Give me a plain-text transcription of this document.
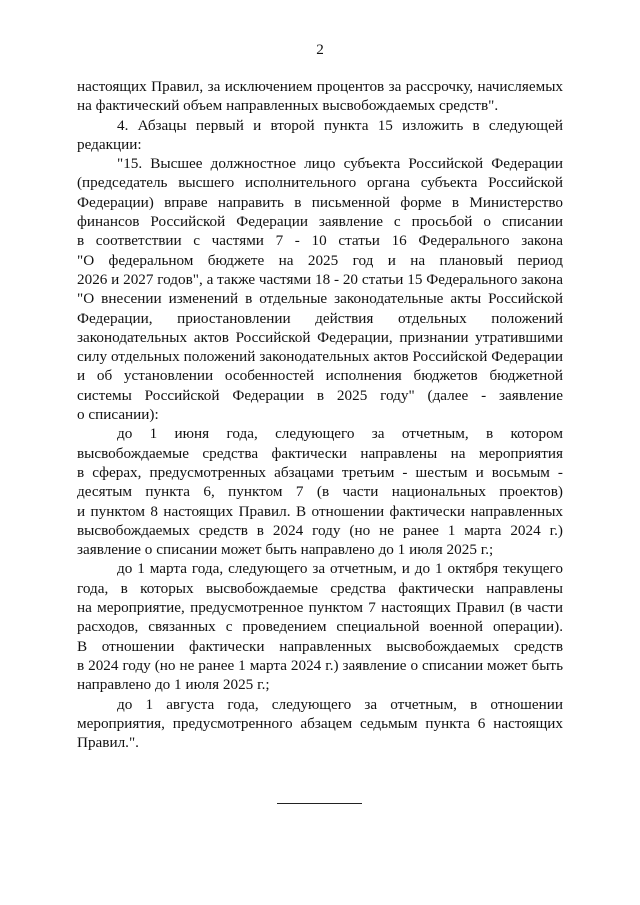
2
настоящих Правил, за исключением процентов за рассрочку, начисляемых
на фактический объем направленных высвобождаемых средств".
4. Абзацы первый и второй пункта 15 изложить в следующей
редакции:
"15. Высшее должностное лицо субъекта Российской Федерации
(председатель высшего исполнительного органа субъекта Российской
Федерации) вправе направить в письменной форме в Министерство
финансов Российской Федерации заявление с просьбой о списании
в соответствии с частями 7 - 10 статьи 16 Федерального закона
"О федеральном бюджете на 2025 год и на плановый период
2026 и 2027 годов", а также частями 18 - 20 статьи 15 Федерального закона
"О внесении изменений в отдельные законодательные акты Российской
Федерации, приостановлении действия отдельных положений
законодательных актов Российской Федерации, признании утратившими
силу отдельных положений законодательных актов Российской Федерации
и об установлении особенностей исполнения бюджетов бюджетной
системы Российской Федерации в 2025 году" (далее - заявление
о списании):
до 1 июня года, следующего за отчетным, в котором
высвобождаемые средства фактически направлены на мероприятия
в сферах, предусмотренных абзацами третьим - шестым и восьмым -
десятым пункта 6, пунктом 7 (в части национальных проектов)
и пунктом 8 настоящих Правил. В отношении фактически направленных
высвобождаемых средств в 2024 году (но не ранее 1 марта 2024 г.)
заявление о списании может быть направлено до 1 июля 2025 г.;
до 1 марта года, следующего за отчетным, и до 1 октября текущего
года, в которых высвобождаемые средства фактически направлены
на мероприятие, предусмотренное пунктом 7 настоящих Правил (в части
расходов, связанных с проведением специальной военной операции).
В отношении фактически направленных высвобождаемых средств
в 2024 году (но не ранее 1 марта 2024 г.) заявление о списании может быть
направлено до 1 июля 2025 г.;
до 1 августа года, следующего за отчетным, в отношении
мероприятия, предусмотренного абзацем седьмым пункта 6 настоящих
Правил.".
